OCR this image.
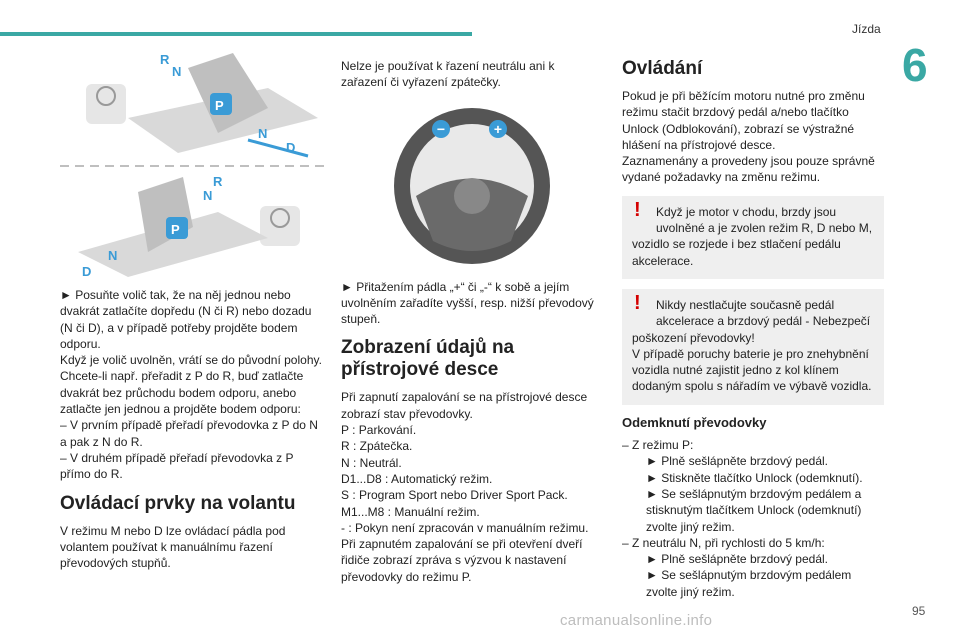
Jízda
6
R
N
P
N
D
R
N
P
N
D

► Posuňte volič tak, že na něj jednou nebo dvakrát zatlačíte dopředu (N či R) nebo dozadu (N či D), a v případě potřeby projděte bodem odporu.

Když je volič uvolněn, vrátí se do původní polohy.

Chcete-li např. přeřadit z P do R, buď zatlačte dvakrát bez průchodu bodem odporu, anebo zatlačte jen jednou a projděte bodem odporu:

– V prvním případě přeřadí převodovka z P do N a pak z N do R.

– V druhém případě přeřadí převodovka z P přímo do R.

Ovládací prvky na volantu

V režimu M nebo D lze ovládací pádla pod volantem používat k manuálnímu řazení převodových stupňů.

Nelze je používat k řazení neutrálu ani k zařazení či vyřazení zpátečky.

−	+

► Přitažením pádla „+“ či „-“ k sobě a jejím uvolněním zařadíte vyšší, resp. nižší převodový stupeň.

Zobrazení údajů na přístrojové desce

Při zapnutí zapalování se na přístrojové desce zobrazí stav převodovky.

P : Parkování.

R : Zpátečka.

N : Neutrál.

D1...D8 : Automatický režim.

S : Program Sport nebo Driver Sport Pack.

M1...M8 : Manuální režim.

- : Pokyn není zpracován v manuálním režimu.

Při zapnutém zapalování se při otevření dveří řidiče zobrazí zpráva s výzvou k nastavení převodovky do režimu P.

Ovládání

Pokud je při běžícím motoru nutné pro změnu režimu stačit brzdový pedál a/nebo tlačítko Unlock (Odblokování), zobrazí se výstražné hlášení na přístrojové desce.

Zaznamenány a provedeny jsou pouze správně vydané požadavky na změnu režimu.

!	Když je motor v chodu, brzdy jsou uvolněné a je zvolen režim R, D nebo M,

vozidlo se rozjede i bez stlačení pedálu akcelerace.

!	Nikdy nestlačujte současně pedál akcelerace a brzdový pedál - Nebezpečí

poškození převodovky!

V případě poruchy baterie je pro znehybnění vozidla nutné zajistit jedno z kol klínem dodaným spolu s nářadím ve výbavě vozidla.

Odemknutí převodovky

– Z režimu P:

► Plně sešlápněte brzdový pedál.

► Stiskněte tlačítko Unlock (odemknutí).

► Se sešlápnutým brzdovým pedálem a stisknutým tlačítkem Unlock (odemknutí) zvolte jiný režim.

– Z neutrálu N, při rychlosti do 5 km/h:

► Plně sešlápněte brzdový pedál.

► Se sešlápnutým brzdovým pedálem zvolte jiný režim.

carmanualsonline.info
95
